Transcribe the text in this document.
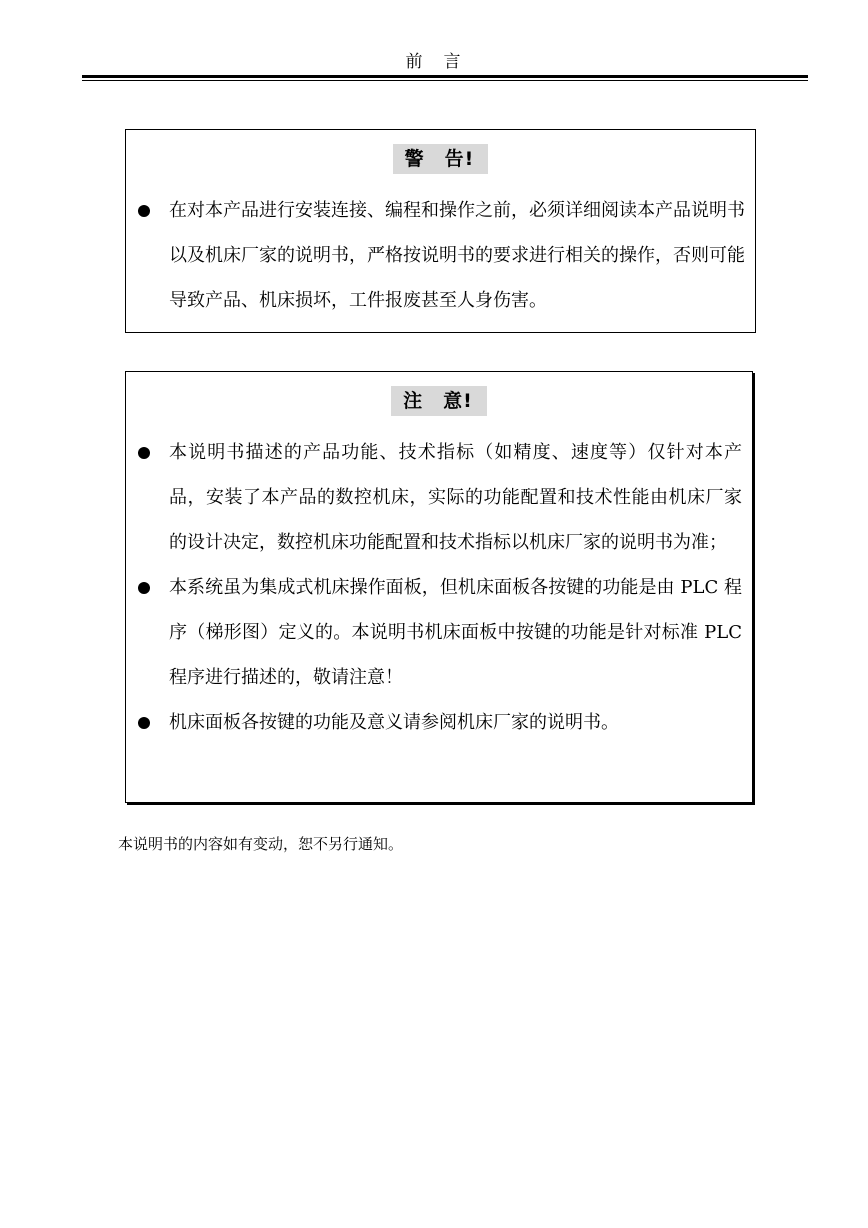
前　言
警　告!
在对本产品进行安装连接、编程和操作之前，必须详细阅读本产品说明书以及机床厂家的说明书，严格按说明书的要求进行相关的操作，否则可能导致产品、机床损坏，工件报废甚至人身伤害。
注　意!
本说明书描述的产品功能、技术指标（如精度、速度等）仅针对本产品，安装了本产品的数控机床，实际的功能配置和技术性能由机床厂家的设计决定，数控机床功能配置和技术指标以机床厂家的说明书为准；
本系统虽为集成式机床操作面板，但机床面板各按键的功能是由 PLC 程序（梯形图）定义的。本说明书机床面板中按键的功能是针对标准 PLC 程序进行描述的，敬请注意！
机床面板各按键的功能及意义请参阅机床厂家的说明书。
本说明书的内容如有变动，恕不另行通知。
